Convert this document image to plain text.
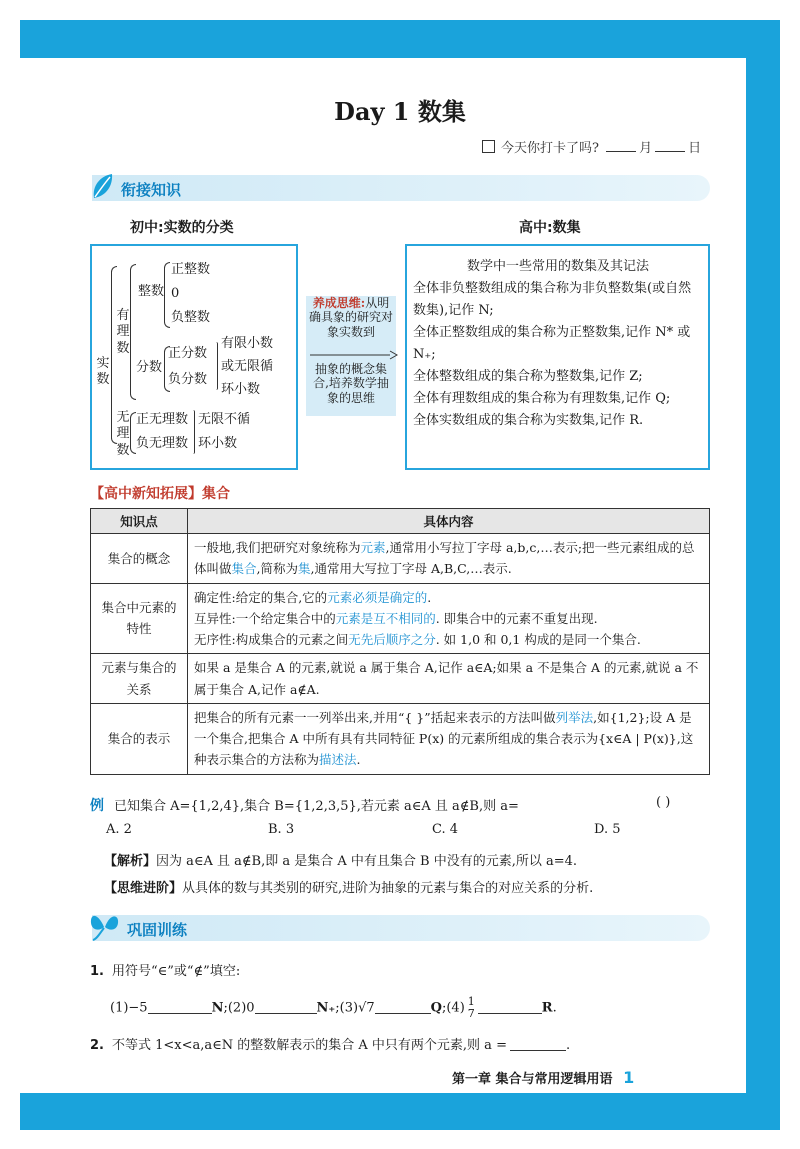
Day 1 数集
今天你打卡了吗?	月	日
衔接知识
初中:实数的分类	高中:数集
实数
有理数
整数
正整数
0
负整数
分数
正分数
负分数
有限小数
或无限循
环小数
无理数
正无理数
负无理数
无限不循
环小数
养成思维:从明确具象的研究对象实数到
抽象的概念集合,培养数学抽象的思维
数学中一些常用的数集及其记法
全体非负整数组成的集合称为非负整数集(或自然数集),记作 N;
全体正整数组成的集合称为正整数集,记作 N* 或 N₊;
全体整数组成的集合称为整数集,记作 Z;
全体有理数组成的集合称为有理数集,记作 Q;
全体实数组成的集合称为实数集,记作 R.
【高中新知拓展】集合
知识点	具体内容
集合的概念	一般地,我们把研究对象统称为元素,通常用小写拉丁字母 a,b,c,…表示;把一些元素组成的总体叫做集合,简称为集,通常用大写拉丁字母 A,B,C,…表示.
集合中元素的特性	确定性:给定的集合,它的元素必须是确定的.
互异性:一个给定集合中的元素是互不相同的. 即集合中的元素不重复出现.
无序性:构成集合的元素之间无先后顺序之分. 如 1,0 和 0,1 构成的是同一个集合.

元素与集合的关系	如果 a 是集合 A 的元素,就说 a 属于集合 A,记作 a∈A;如果 a 不是集合 A 的元素,就说 a 不属于集合 A,记作 a∉A.
集合的表示	把集合的所有元素一一列举出来,并用“{ }”括起来表示的方法叫做列举法,如{1,2};设 A 是一个集合,把集合 A 中所有具有共同特征 P(x) 的元素所组成的集合表示为{x∈A | P(x)},这种表示集合的方法称为描述法.
例 已知集合 A={1,2,4},集合 B={1,2,3,5},若元素 a∈A 且 a∉B,则 a=	( )
A. 2	B. 3	C. 4	D. 5
【解析】因为 a∈A 且 a∉B,即 a 是集合 A 中有且集合 B 中没有的元素,所以 a=4.
【思维进阶】从具体的数与其类别的研究,进阶为抽象的元素与集合的对应关系的分析.
巩固训练
1. 用符号“∈”或“∉”填空:
(1)−5	N;(2)0	N₊;(3)√7	Q;(4) 1
7	R.
2. 不等式 1<x<a,a∈N 的整数解表示的集合 A 中只有两个元素,则 a =	.
第一章 集合与常用逻辑用语 1
